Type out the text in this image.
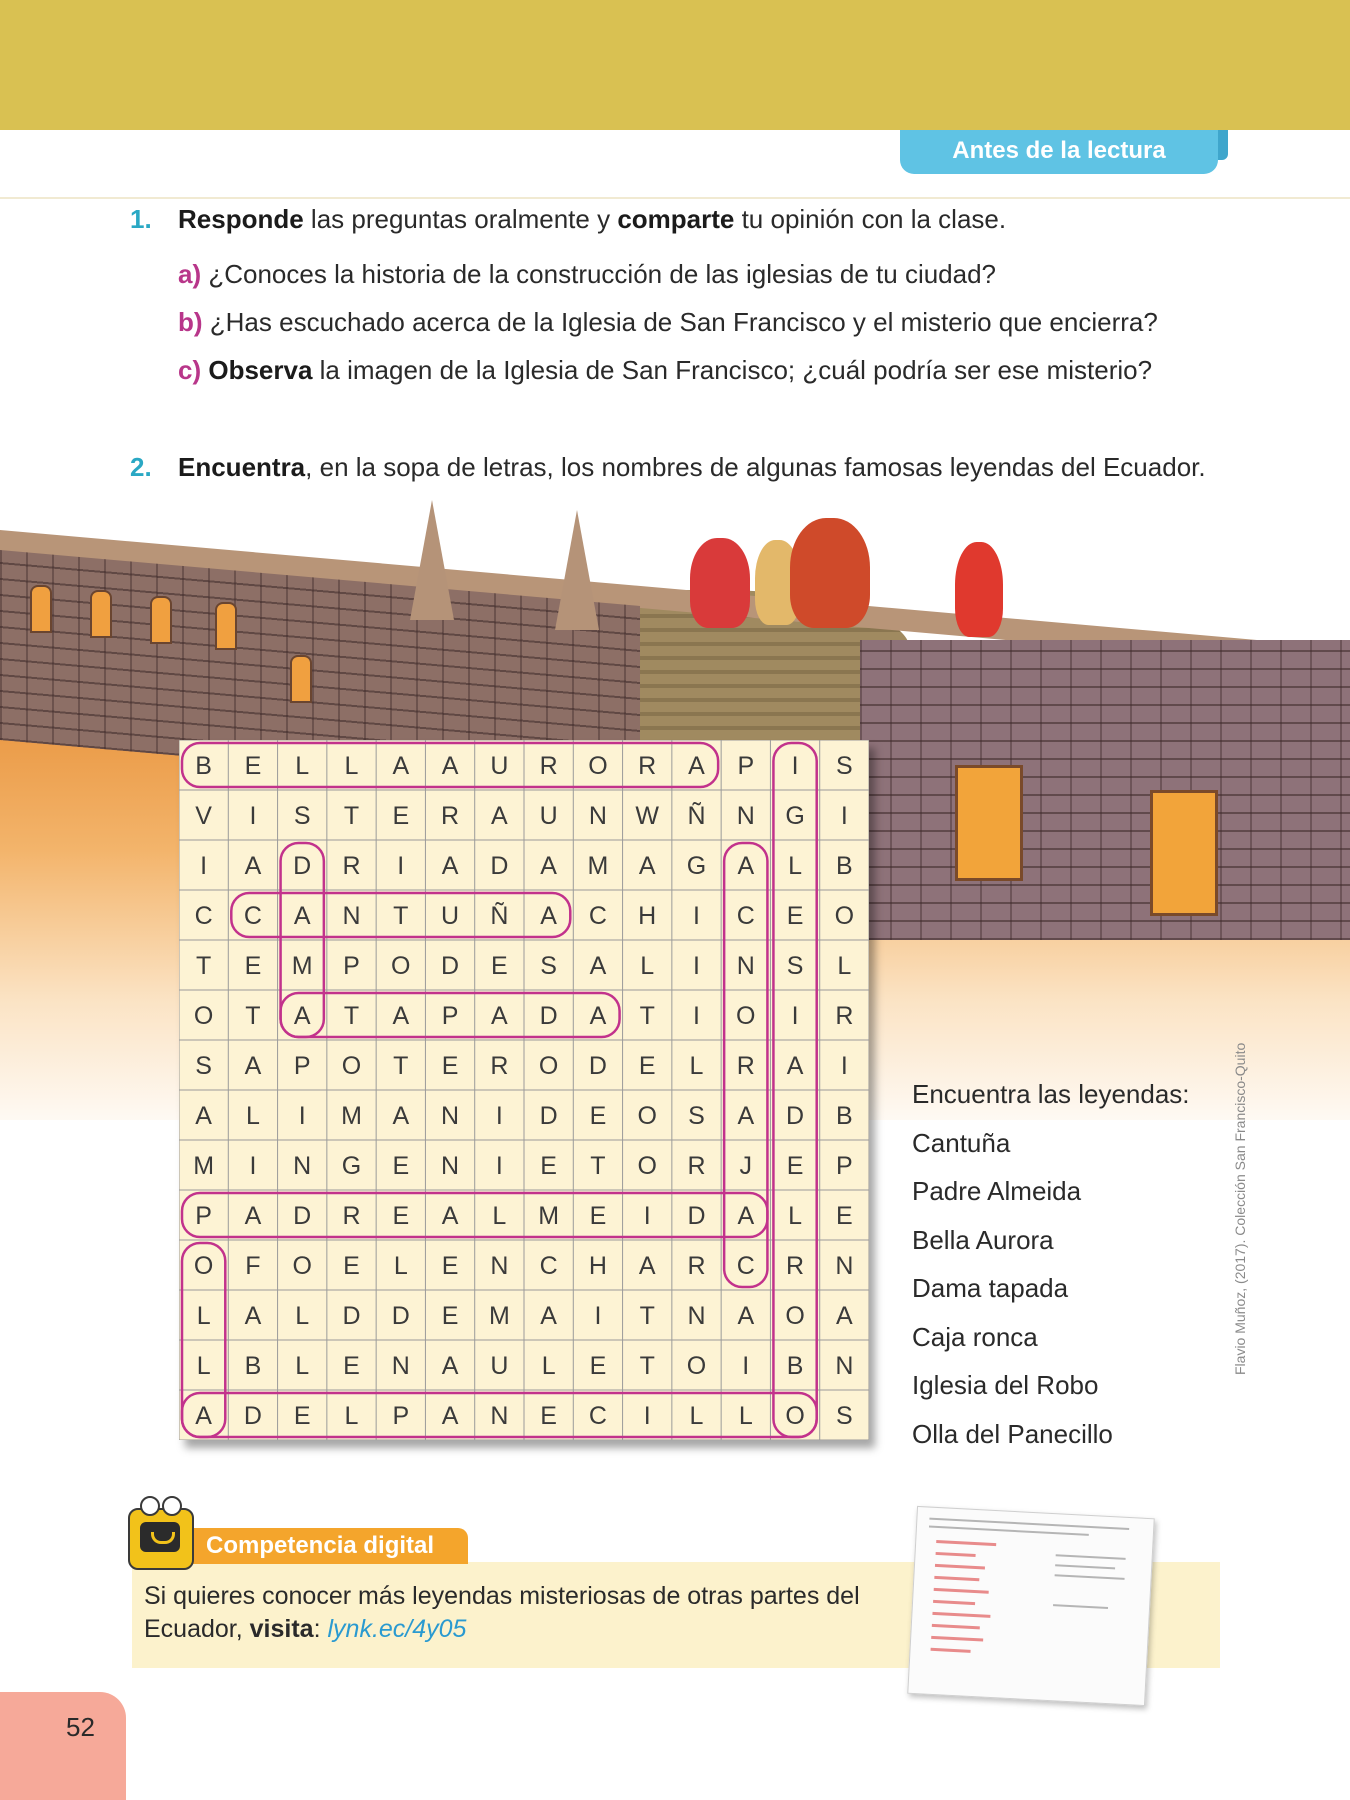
Antes de la lectura
1. Responde las preguntas oralmente y comparte tu opinión con la clase.
a) ¿Conoces la historia de la construcción de las iglesias de tu ciudad?
b) ¿Has escuchado acerca de la Iglesia de San Francisco y el misterio que encierra?
c) Observa la imagen de la Iglesia de San Francisco; ¿cuál podría ser ese misterio?
2. Encuentra, en la sopa de letras, los nombres de algunas famosas leyendas del Ecuador.
B E L L A A U R O R A P I S
V I S T E R A U N W Ñ N G I
I A D R I A D A M A G A L B
C C A N T U Ñ A C H I C E O
T E M P O D E S A L I N S L
O T A T A P A D A T I O I R
S A P O T E R O D E L R A I
A L I M A N I D E O S A D B
M I N G E N I E T O R J E P
P A D R E A L M E I D A L E
O F O E L E N C H A R C R N
L A L D D E M A I T N A O A
L B L E N A U L E T O I B N
A D E L P A N E C I L L O S
Encuentra las leyendas:
Cantuña
Padre Almeida
Bella Aurora
Dama tapada
Caja ronca
Iglesia del Robo
Olla del Panecillo
Flavio Muñoz, (2017). Colección San Francisco-Quito
Competencia digital
Si quieres conocer más leyendas misteriosas de otras partes del
Ecuador, visita: lynk.ec/4y05
52
